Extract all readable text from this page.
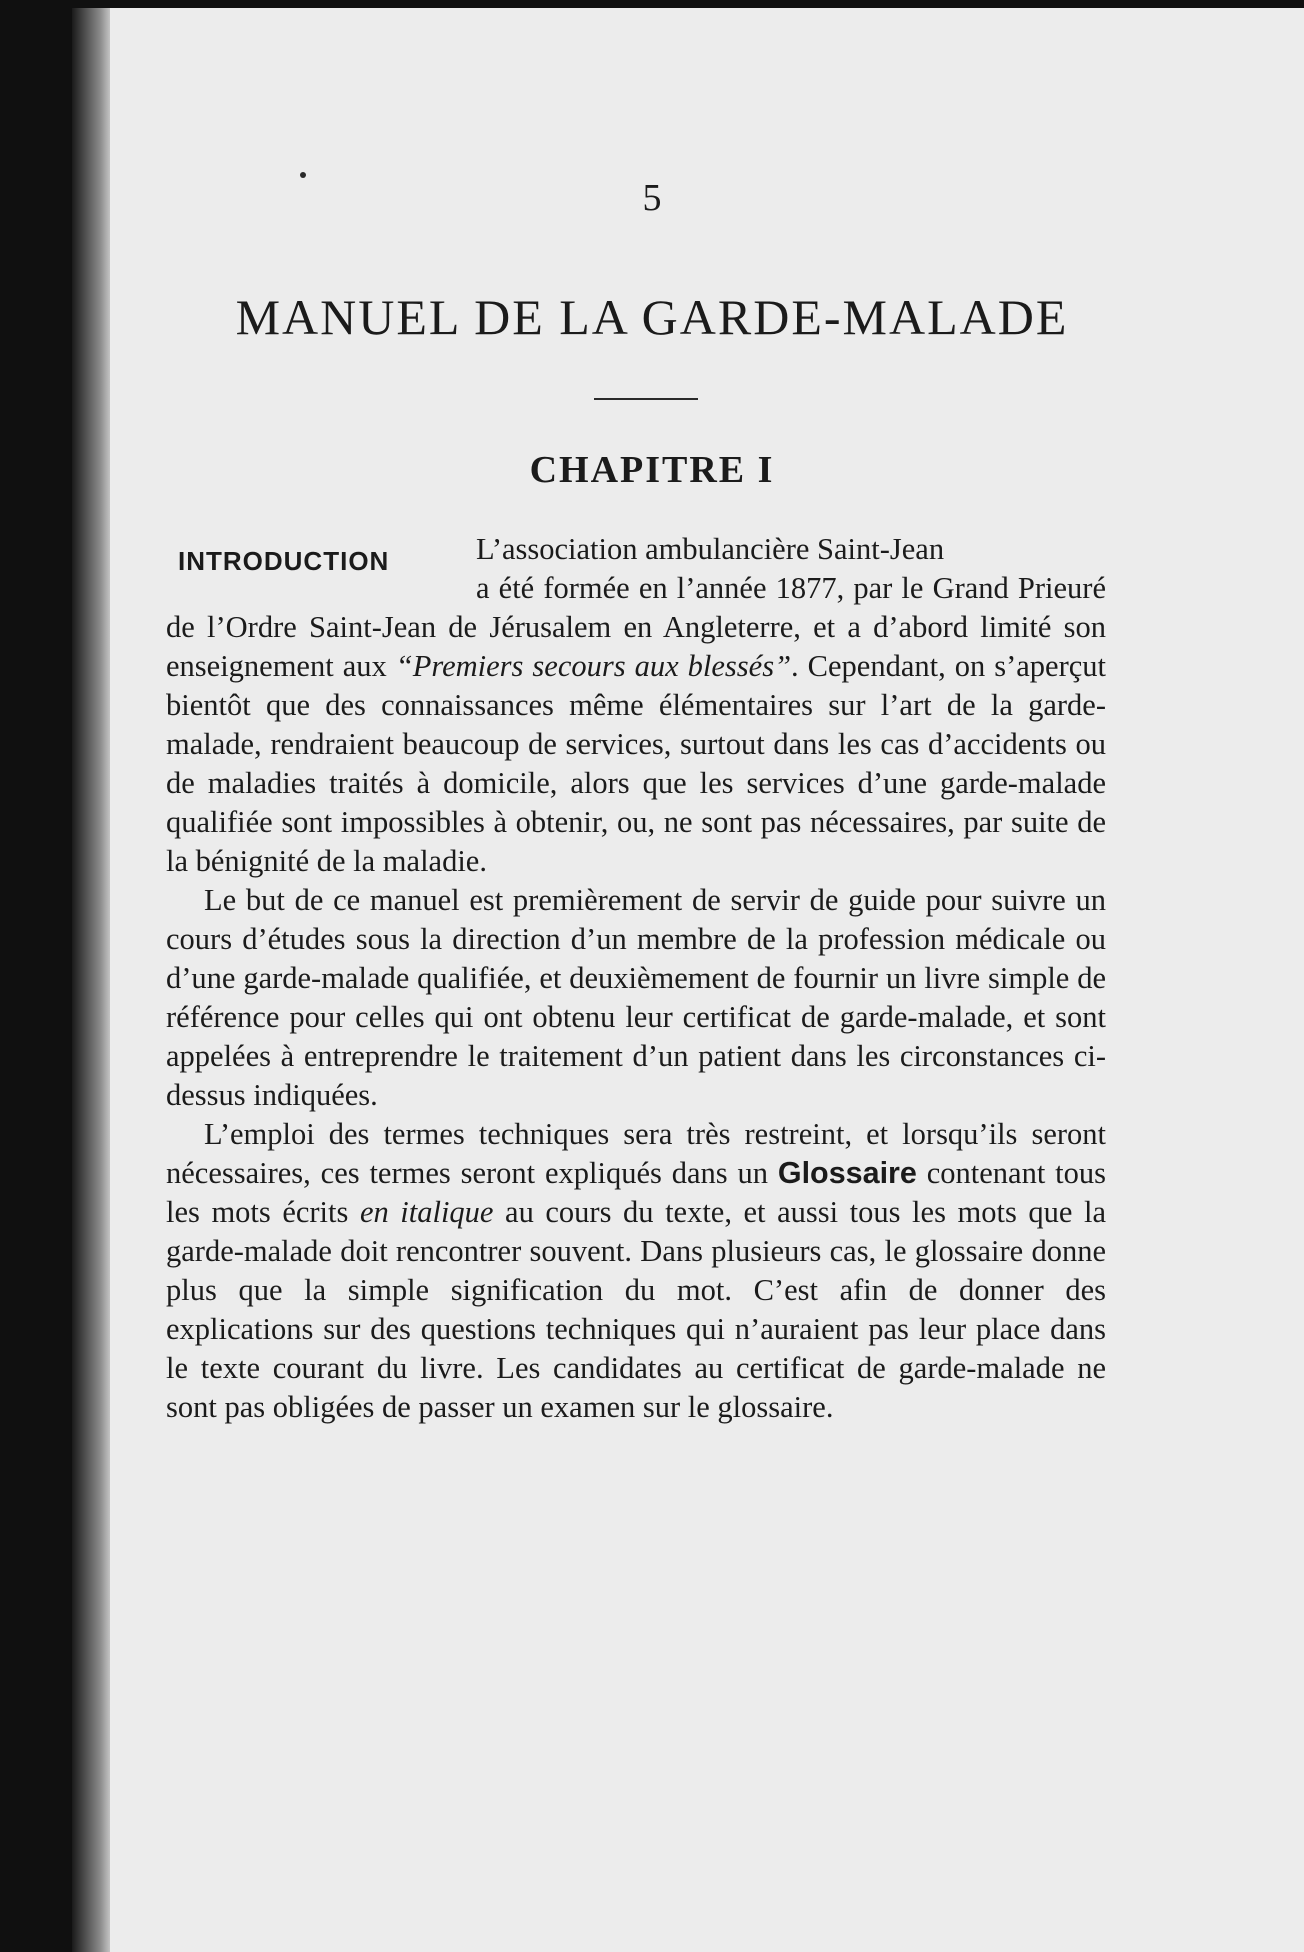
5

MANUEL DE LA GARDE-MALADE
CHAPITRE I

INTRODUCTION	L’association ambulancière Saint-Jean
a été formée en l’année 1877, par le Grand Prieuré de l’Ordre Saint-Jean de Jérusalem en Angleterre, et a d’abord limité son enseignement aux “Premiers secours aux blessés”. Cependant, on s’aperçut bientôt que des connaissances même élémentaires sur l’art de la garde-malade, rendraient beaucoup de services, surtout dans les cas d’accidents ou de maladies traités à domicile, alors que les services d’une garde-malade qualifiée sont impossibles à obtenir, ou, ne sont pas nécessaires, par suite de la bénignité de la maladie.

Le but de ce manuel est premièrement de servir de guide pour suivre un cours d’études sous la direction d’un membre de la profession médicale ou d’une garde-malade qualifiée, et deuxièmement de fournir un livre simple de référence pour celles qui ont obtenu leur certificat de garde-malade, et sont appelées à entreprendre le traitement d’un patient dans les circonstances ci-dessus indiquées.

L’emploi des termes techniques sera très restreint, et lorsqu’ils seront nécessaires, ces termes seront expliqués dans un Glossaire contenant tous les mots écrits en italique au cours du texte, et aussi tous les mots que la garde-malade doit rencontrer souvent. Dans plusieurs cas, le glossaire donne plus que la simple signification du mot. C’est afin de donner des explications sur des questions techniques qui n’auraient pas leur place dans le texte courant du livre. Les candidates au certificat de garde-malade ne sont pas obligées de passer un examen sur le glossaire.
